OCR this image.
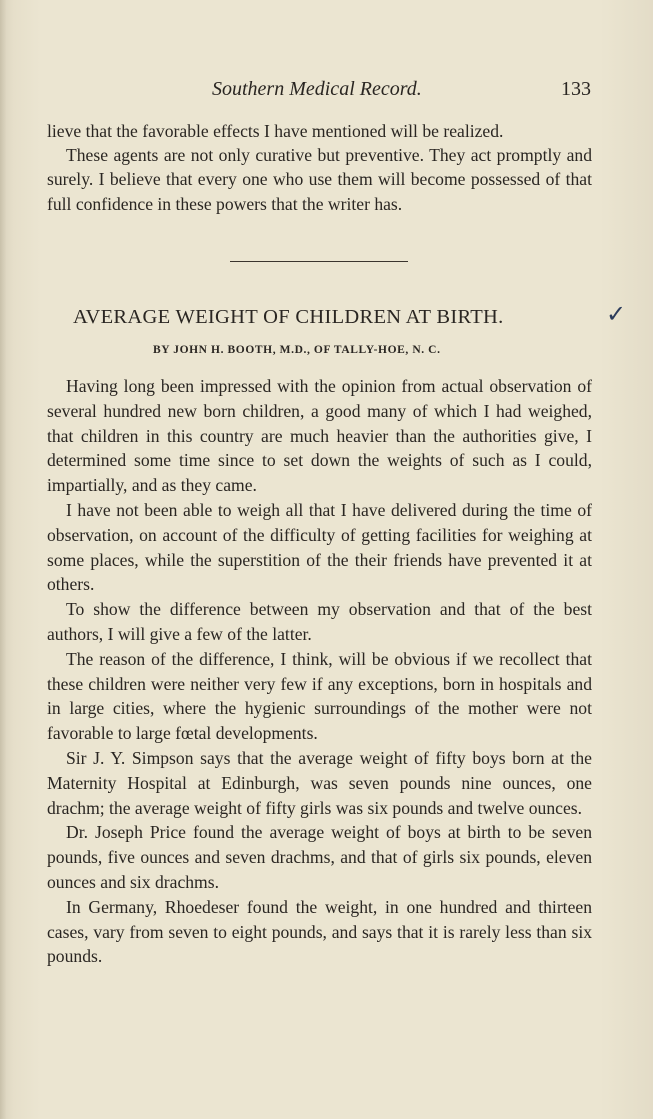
Southern Medical Record.	133

lieve that the favorable effects I have mentioned will be realized.

These agents are not only curative but preventive. They act promptly and surely. I believe that every one who use them will become possessed of that full confidence in these powers that the writer has.

AVERAGE WEIGHT OF CHILDREN AT BIRTH.	✓
BY JOHN H. BOOTH, M.D., OF TALLY-HOE, N. C.

Having long been impressed with the opinion from actual observation of several hundred new born children, a good many of which I had weighed, that children in this country are much heavier than the authorities give, I determined some time since to set down the weights of such as I could, impartially, and as they came.

I have not been able to weigh all that I have delivered during the time of observation, on account of the difficulty of getting facilities for weighing at some places, while the superstition of the their friends have prevented it at others.

To show the difference between my observation and that of the best authors, I will give a few of the latter.

The reason of the difference, I think, will be obvious if we recollect that these children were neither very few if any exceptions, born in hospitals and in large cities, where the hygienic surroundings of the mother were not favorable to large fœtal developments.

Sir J. Y. Simpson says that the average weight of fifty boys born at the Maternity Hospital at Edinburgh, was seven pounds nine ounces, one drachm; the average weight of fifty girls was six pounds and twelve ounces.

Dr. Joseph Price found the average weight of boys at birth to be seven pounds, five ounces and seven drachms, and that of girls six pounds, eleven ounces and six drachms.

In Germany, Rhoedeser found the weight, in one hundred and thirteen cases, vary from seven to eight pounds, and says that it is rarely less than six pounds.
